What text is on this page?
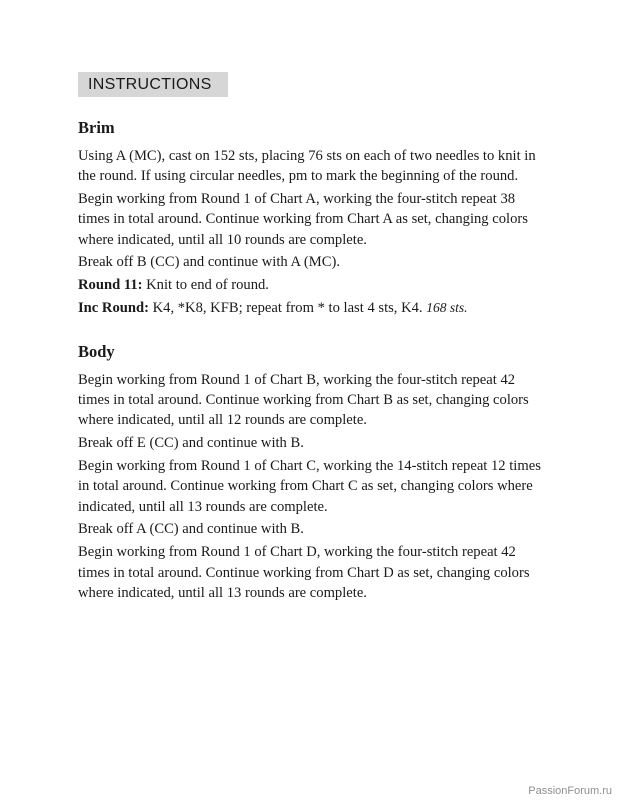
INSTRUCTIONS
Brim
Using A (MC), cast on 152 sts, placing 76 sts on each of two needles to knit in the round. If using circular needles, pm to mark the beginning of the round.
Begin working from Round 1 of Chart A, working the four-stitch repeat 38 times in total around. Continue working from Chart A as set, changing colors where indicated, until all 10 rounds are complete.
Break off B (CC) and continue with A (MC).
Round 11: Knit to end of round.
Inc Round: K4, *K8, KFB; repeat from * to last 4 sts, K4. 168 sts.
Body
Begin working from Round 1 of Chart B, working the four-stitch repeat 42 times in total around. Continue working from Chart B as set, changing colors where indicated, until all 12 rounds are complete.
Break off E (CC) and continue with B.
Begin working from Round 1 of Chart C, working the 14-stitch repeat 12 times in total around. Continue working from Chart C as set, changing colors where indicated, until all 13 rounds are complete.
Break off A (CC) and continue with B.
Begin working from Round 1 of Chart D, working the four-stitch repeat 42 times in total around. Continue working from Chart D as set, changing colors where indicated, until all 13 rounds are complete.
PassionForum.ru
